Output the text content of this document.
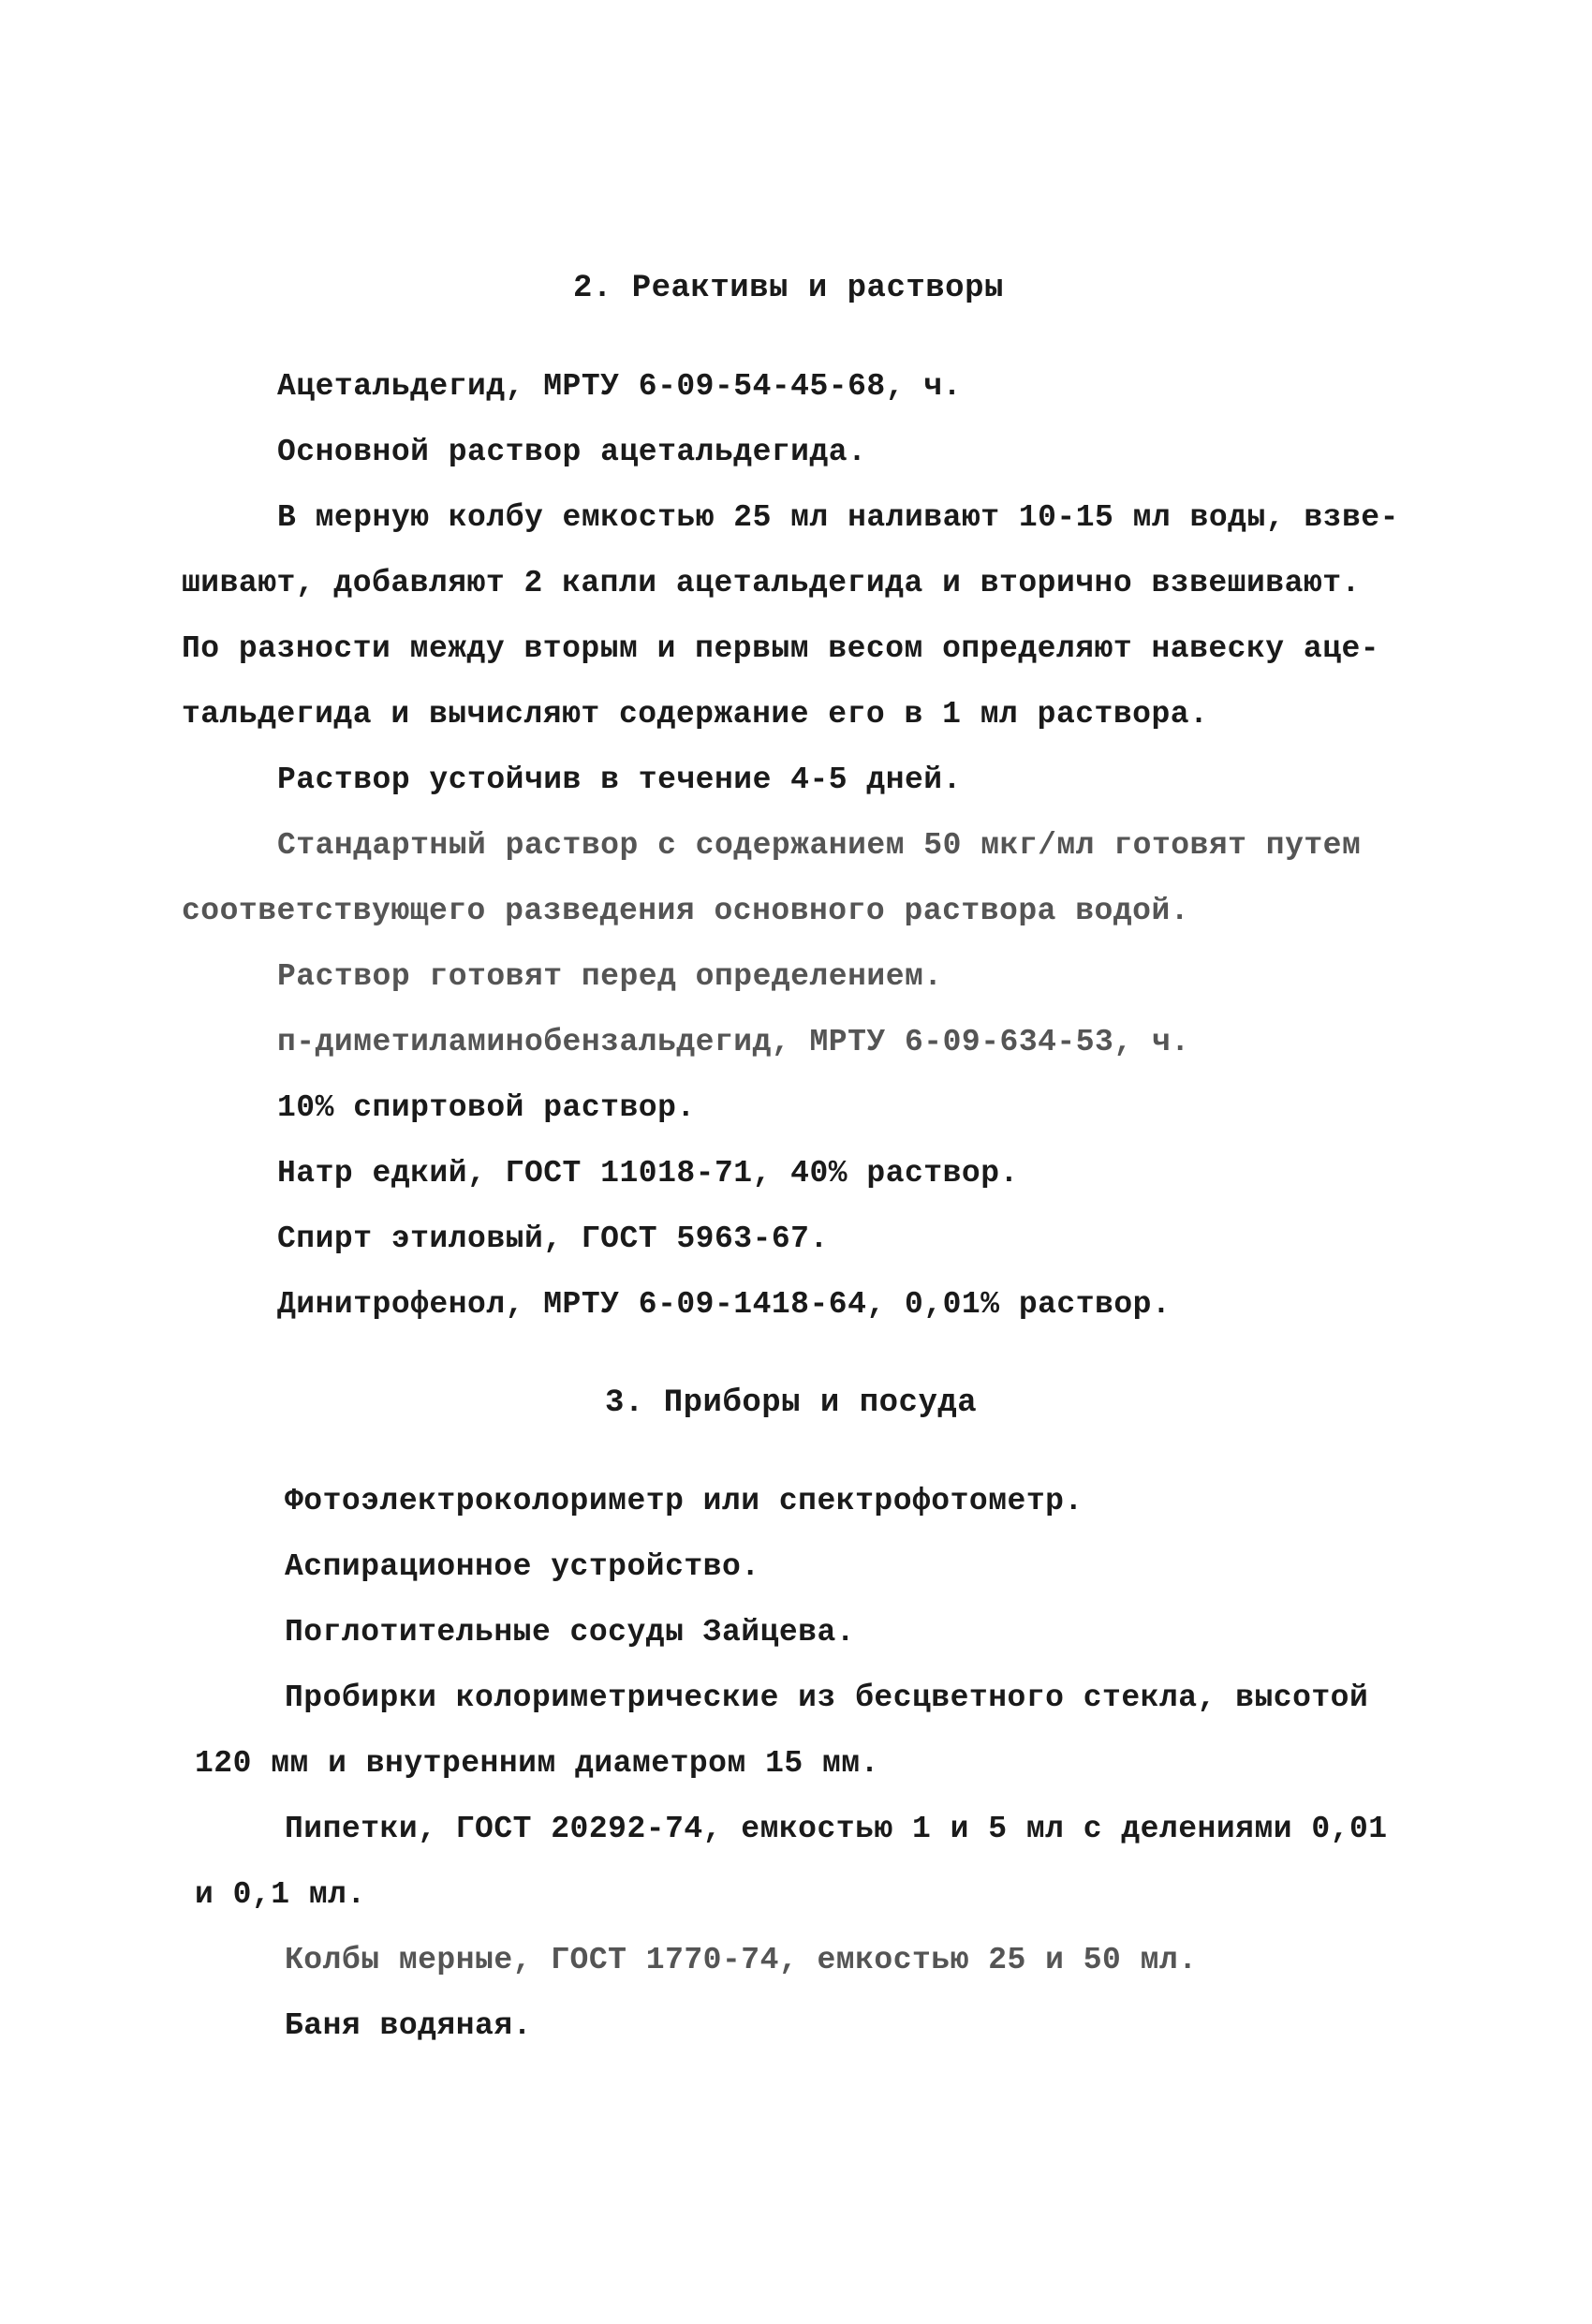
2. Реактивы и растворы
Ацетальдегид, МРТУ 6-09-54-45-68, ч.
Основной раствор ацетальдегида.
В мерную колбу емкостью 25 мл наливают 10-15 мл воды, взве-
шивают, добавляют 2 капли ацетальдегида и вторично взвешивают.
По разности между вторым и первым весом определяют навеску аце-
тальдегида и вычисляют содержание его в 1 мл раствора.
Раствор устойчив в течение 4-5 дней.
Стандартный раствор с содержанием 50 мкг/мл готовят путем
соответствующего разведения основного раствора водой.
Раствор готовят перед определением.
п-диметиламинобензальдегид, МРТУ 6-09-634-53, ч.
10% спиртовой раствор.
Натр едкий, ГОСТ 11018-71, 40% раствор.
Спирт этиловый, ГОСТ 5963-67.
Динитрофенол, МРТУ 6-09-1418-64, 0,01% раствор.
3. Приборы и посуда
Фотоэлектроколориметр или спектрофотометр.
Аспирационное устройство.
Поглотительные сосуды Зайцева.
Пробирки колориметрические из бесцветного стекла, высотой
120 мм и внутренним диаметром 15 мм.
Пипетки, ГОСТ 20292-74, емкостью 1 и 5 мл с делениями 0,01
и 0,1 мл.
Колбы мерные, ГОСТ 1770-74, емкостью 25 и 50 мл.
Баня водяная.
